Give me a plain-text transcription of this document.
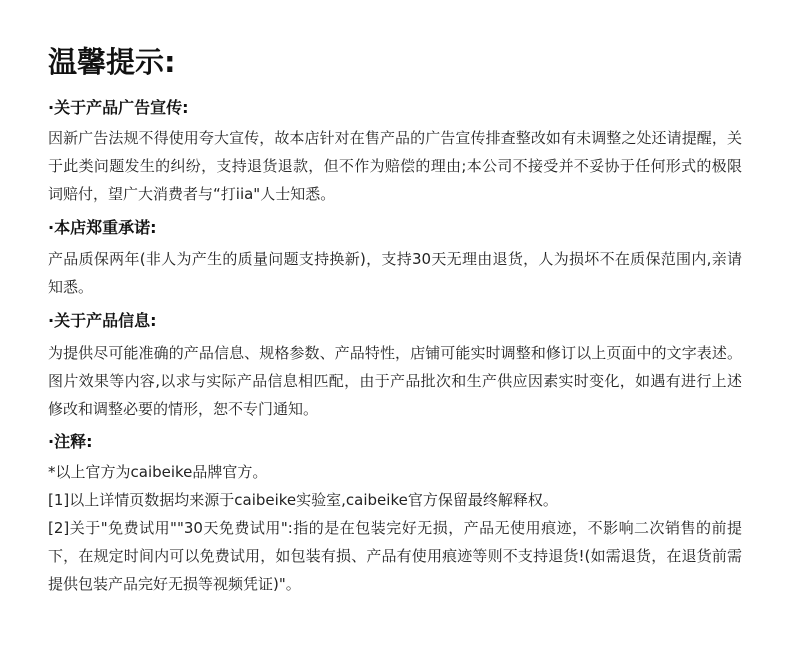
温馨提示:
·关于产品广告宣传:

因新广告法规不得使用夸大宣传，故本店针对在售产品的广告宣传排查整改如有未调整之处还请提醒，关于此类问题发生的纠纷，支持退货退款，但不作为赔偿的理由;本公司不接受并不妥协于任何形式的极限词赔付，望广大消费者与“打iia"人士知悉。

·本店郑重承诺:

产品质保两年(非人为产生的质量问题支持换新)，支持30天无理由退货，人为损坏不在质保范围内,亲请知悉。

·关于产品信息:

为提供尽可能准确的产品信息、规格参数、产品特性，店铺可能实时调整和修订以上页面中的文字表述。图片效果等内容,以求与实际产品信息相匹配，由于产品批次和生产供应因素实时变化，如遇有进行上述修改和调整必要的情形，恕不专门通知。

·注释:

*以上官方为caibeike品牌官方。

[1]以上详情页数据均来源于caibeike实验室,caibeike官方保留最终解释权。

[2]关于"免费试用""30天免费试用":指的是在包装完好无损，产品无使用痕迹，不影响二次销售的前提下，在规定时间内可以免费试用，如包装有损、产品有使用痕迹等则不支持退货!(如需退货，在退货前需提供包装产品完好无损等视频凭证)"。
